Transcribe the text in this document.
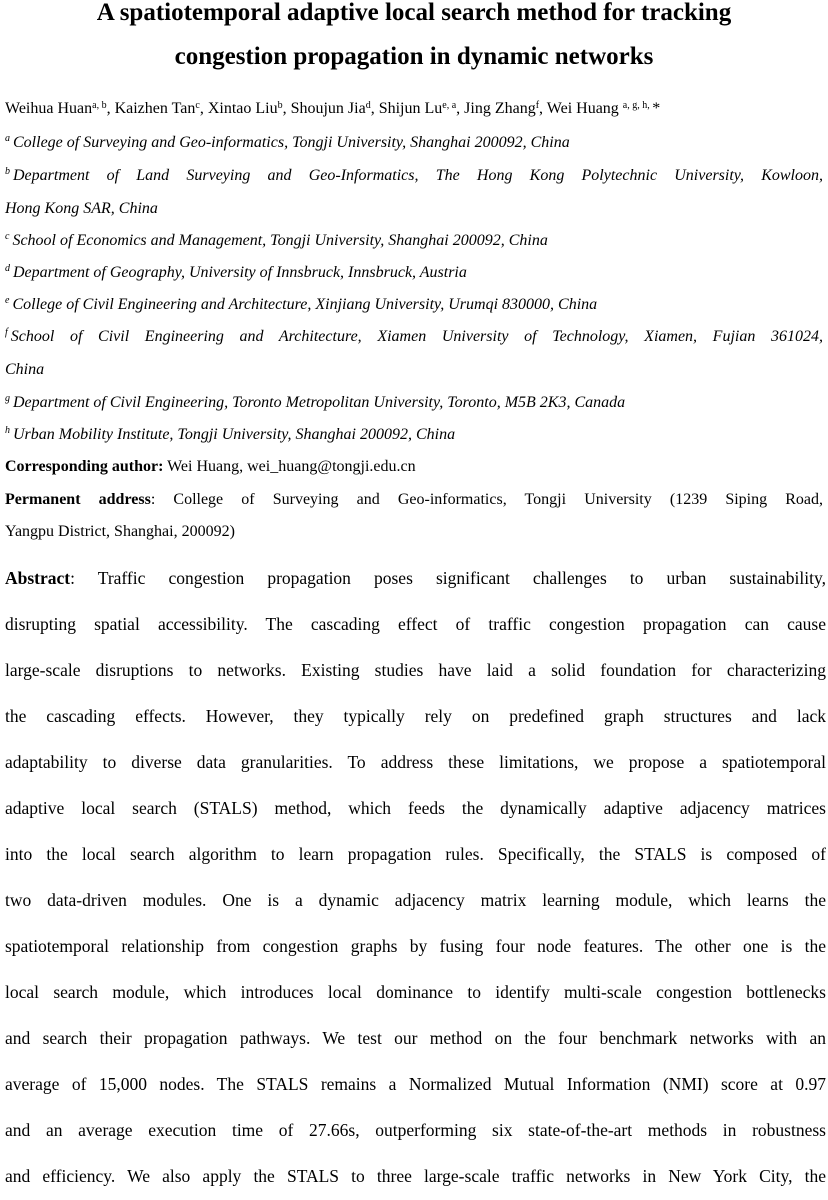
A spatiotemporal adaptive local search method for tracking
congestion propagation in dynamic networks
Weihua Huan$^{a, b}$, Kaizhen Tan$^c$, Xintao Liu$^b$, Shoujun Jia$^d$, Shijun Lu$^{e, a}$, Jing Zhang$^f$, Wei Huang $^{a, g, h,}$ *
$^a$ College of Surveying and Geo-informatics, Tongji University, Shanghai 200092, China
$^b$ Department of Land Surveying and Geo-Informatics, The Hong Kong Polytechnic University, Kowloon,
Hong Kong SAR, China
$^c$ School of Economics and Management, Tongji University, Shanghai 200092, China
$^d$ Department of Geography, University of Innsbruck, Innsbruck, Austria
$^e$ College of Civil Engineering and Architecture, Xinjiang University, Urumqi 830000, China
$^f$ School of Civil Engineering and Architecture, Xiamen University of Technology, Xiamen, Fujian 361024,
China
$^g$ Department of Civil Engineering, Toronto Metropolitan University, Toronto, M5B 2K3, Canada
$^h$ Urban Mobility Institute, Tongji University, Shanghai 200092, China
Corresponding author: Wei Huang, wei_huang@tongji.edu.cn
Permanent address: College of Surveying and Geo-informatics, Tongji University (1239 Siping Road,
Yangpu District, Shanghai, 200092)
Abstract: Traffic congestion propagation poses significant challenges to urban sustainability,
disrupting spatial accessibility. The cascading effect of traffic congestion propagation can cause
large-scale disruptions to networks. Existing studies have laid a solid foundation for characterizing
the cascading effects. However, they typically rely on predefined graph structures and lack
adaptability to diverse data granularities. To address these limitations, we propose a spatiotemporal
adaptive local search (STALS) method, which feeds the dynamically adaptive adjacency matrices
into the local search algorithm to learn propagation rules. Specifically, the STALS is composed of
two data-driven modules. One is a dynamic adjacency matrix learning module, which learns the
spatiotemporal relationship from congestion graphs by fusing four node features. The other one is the
local search module, which introduces local dominance to identify multi-scale congestion bottlenecks
and search their propagation pathways. We test our method on the four benchmark networks with an
average of 15,000 nodes. The STALS remains a Normalized Mutual Information (NMI) score at 0.97
and an average execution time of 27.66s, outperforming six state-of-the-art methods in robustness
and efficiency. We also apply the STALS to three large-scale traffic networks in New York City, the
